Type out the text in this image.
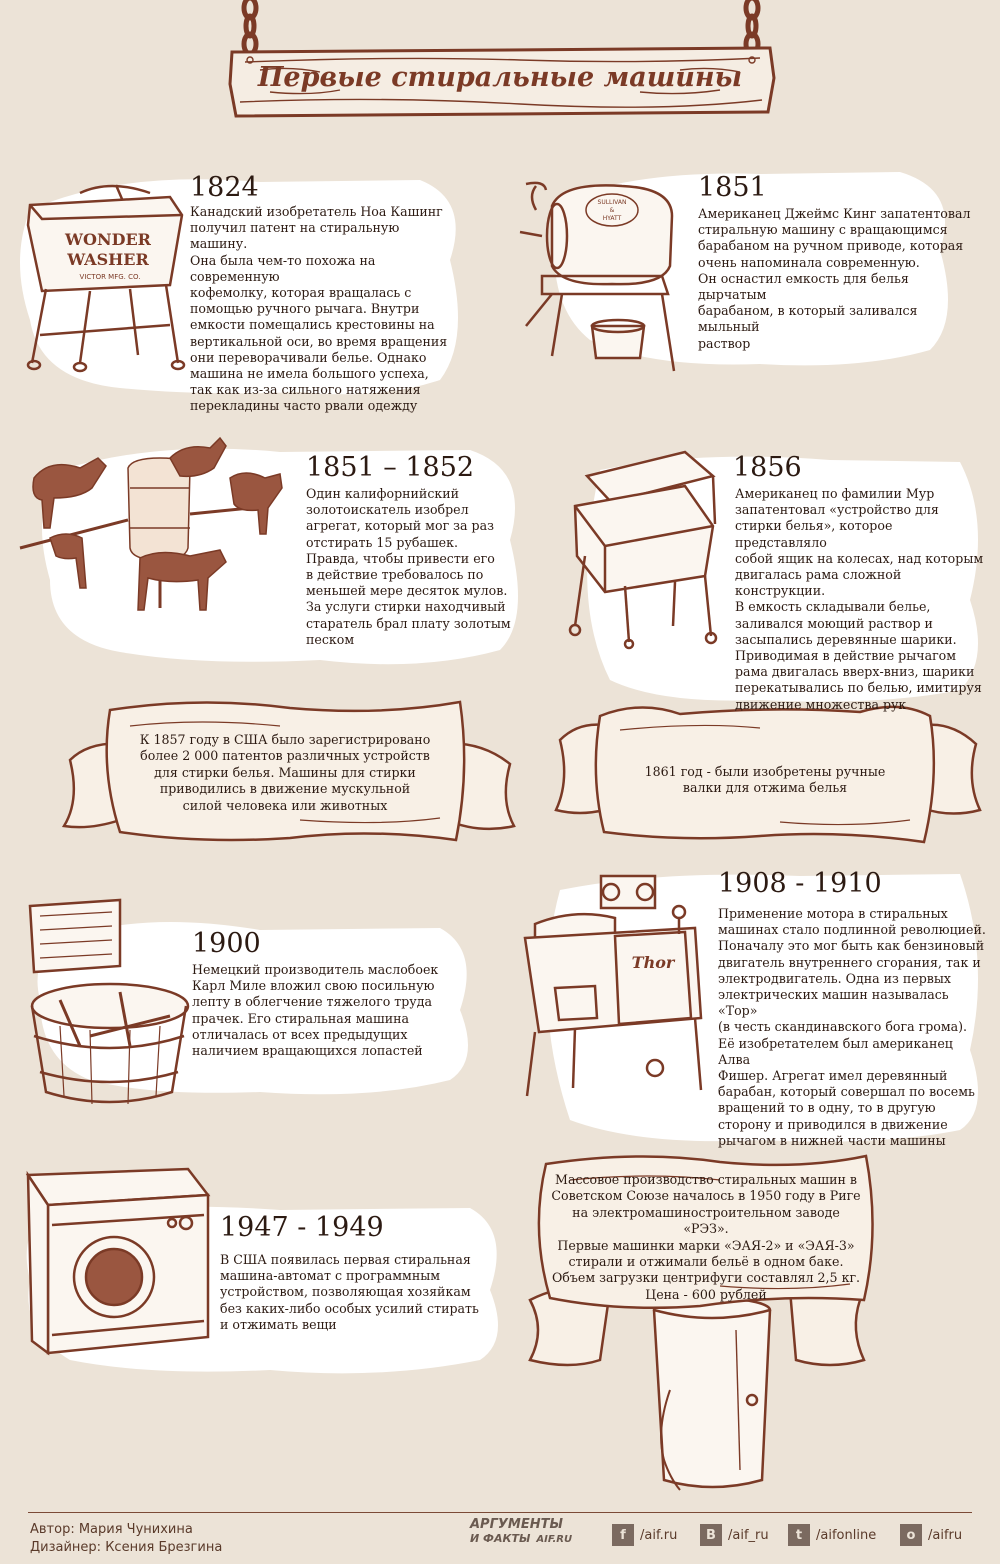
Первые стиральные машины
WONDER
WASHER
VICTOR MFG. CO.
SULLIVAN
&
HYATT
Thor
К 1857 году в США было зарегистрировано
более 2 000 патентов различных устройств
для стирки белья. Машины для стирки
приводились в движение мускульной
силой человека или животных
1861 год - были изобретены ручные
валки для отжима белья
Массовое производство стиральных машин в
Советском Союзе началось в 1950 году в Риге
на электромашиностроительном заводе «РЭЗ».
Первые машинки марки «ЭАЯ-2» и «ЭАЯ-3»
стирали и отжимали бельё в одном баке.
Объем загрузки центрифуги составлял 2,5 кг.
Цена - 600 рублей
1824
Канадский изобретатель Ноа Кашинг
получил патент на стиральную машину.
Она была чем-то похожа на современную
кофемолку, которая вращалась с
помощью ручного рычага. Внутри
емкости помещались крестовины на
вертикальной оси, во время вращения
они переворачивали белье. Однако
машина не имела большого успеха,
так как из-за сильного натяжения
перекладины часто рвали одежду
1851
Американец Джеймс Кинг запатентовал
стиральную машину с вращающимся
барабаном на ручном приводе, которая
очень напоминала современную.
Он оснастил емкость для белья дырчатым
барабаном, в который заливался мыльный
раствор
1851 – 1852
Один калифорнийский
золотоискатель изобрел
агрегат, который мог за раз
отстирать 15 рубашек.
Правда, чтобы привести его
в действие требовалось по
меньшей мере десяток мулов.
За услуги стирки находчивый
старатель брал плату золотым
песком
1856
Американец по фамилии Мур
запатентовал «устройство для
стирки белья», которое представляло
собой ящик на колесах, над которым
двигалась рама сложной конструкции.
В емкость складывали белье,
заливался моющий раствор и
засыпались деревянные шарики.
Приводимая в действие рычагом
рама двигалась вверх-вниз, шарики
перекатывались по белью, имитируя
движение множества рук
1900
Немецкий производитель маслобоек
Карл Миле вложил свою посильную
лепту в облегчение тяжелого труда
прачек. Его стиральная машина
отличалась от всех предыдущих
наличием вращающихся лопастей
1908 - 1910
Применение мотора в стиральных
машинах стало подлинной революцией.
Поначалу это мог быть как бензиновый
двигатель внутреннего сгорания, так и
электродвигатель. Одна из первых
электрических машин называлась «Тор»
(в честь скандинавского бога грома).
Её изобретателем был американец Алва
Фишер. Агрегат имел деревянный
барабан, который совершал по восемь
вращений то в одну, то в другую
сторону и приводился в движение
рычагом в нижней части машины
1947 - 1949
В США появилась первая стиральная
машина-автомат с программным
устройством, позволяющая хозяйкам
без каких-либо особых усилий стирать
и отжимать вещи
Автор: Мария Чунихина
Дизайнер: Ксения Брезгина
АРГУМЕНТЫ
И ФАКТЫ AIF.RU	f	/aif.ru	В /aif_ru	t	/aifonline	o /aifru
